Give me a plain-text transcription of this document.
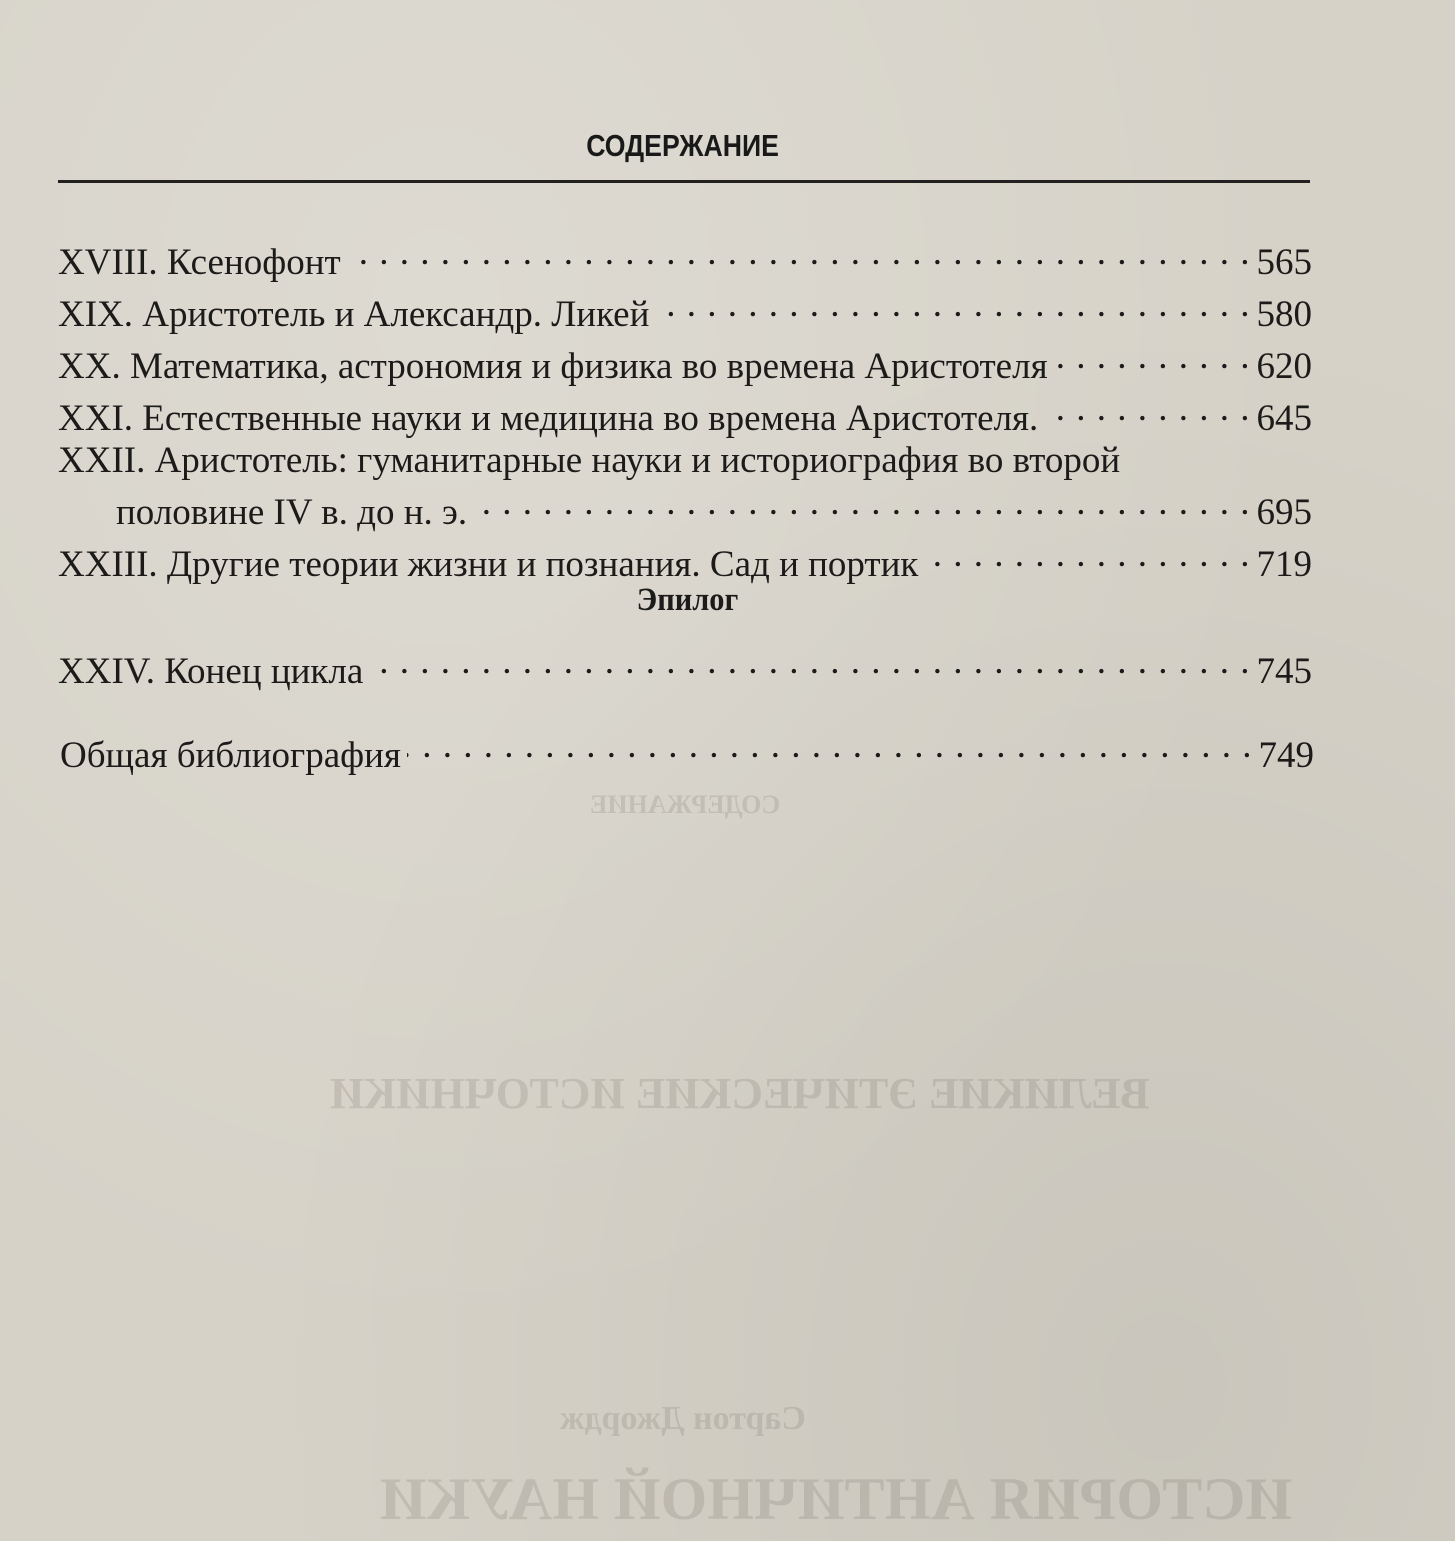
СОДЕРЖАНИЕ
ВЕЛИКИЕ ЭТИЧЕСКИЕ ИСТОЧНИКИ
Сартон Джордж
ИСТОРИЯ АНТИЧНОЙ НАУКИ
СОДЕРЖАНИЕ
XVIII. Ксенофонт . . .	565
XIX. Аристотель и Александр. Ликей . . .	580
XX. Математика, астрономия и физика во времена Аристотеля . . .	620
XXI. Естественные науки и медицина во времена Аристотеля. . . .	645
XXII. Аристотель: гуманитарные науки и историография во второй
половине IV в. до н. э. . . .	695
XXIII. Другие теории жизни и познания. Сад и портик . . .	719
Эпилог
XXIV. Конец цикла . . .	745
Общая библиография . . .	749
